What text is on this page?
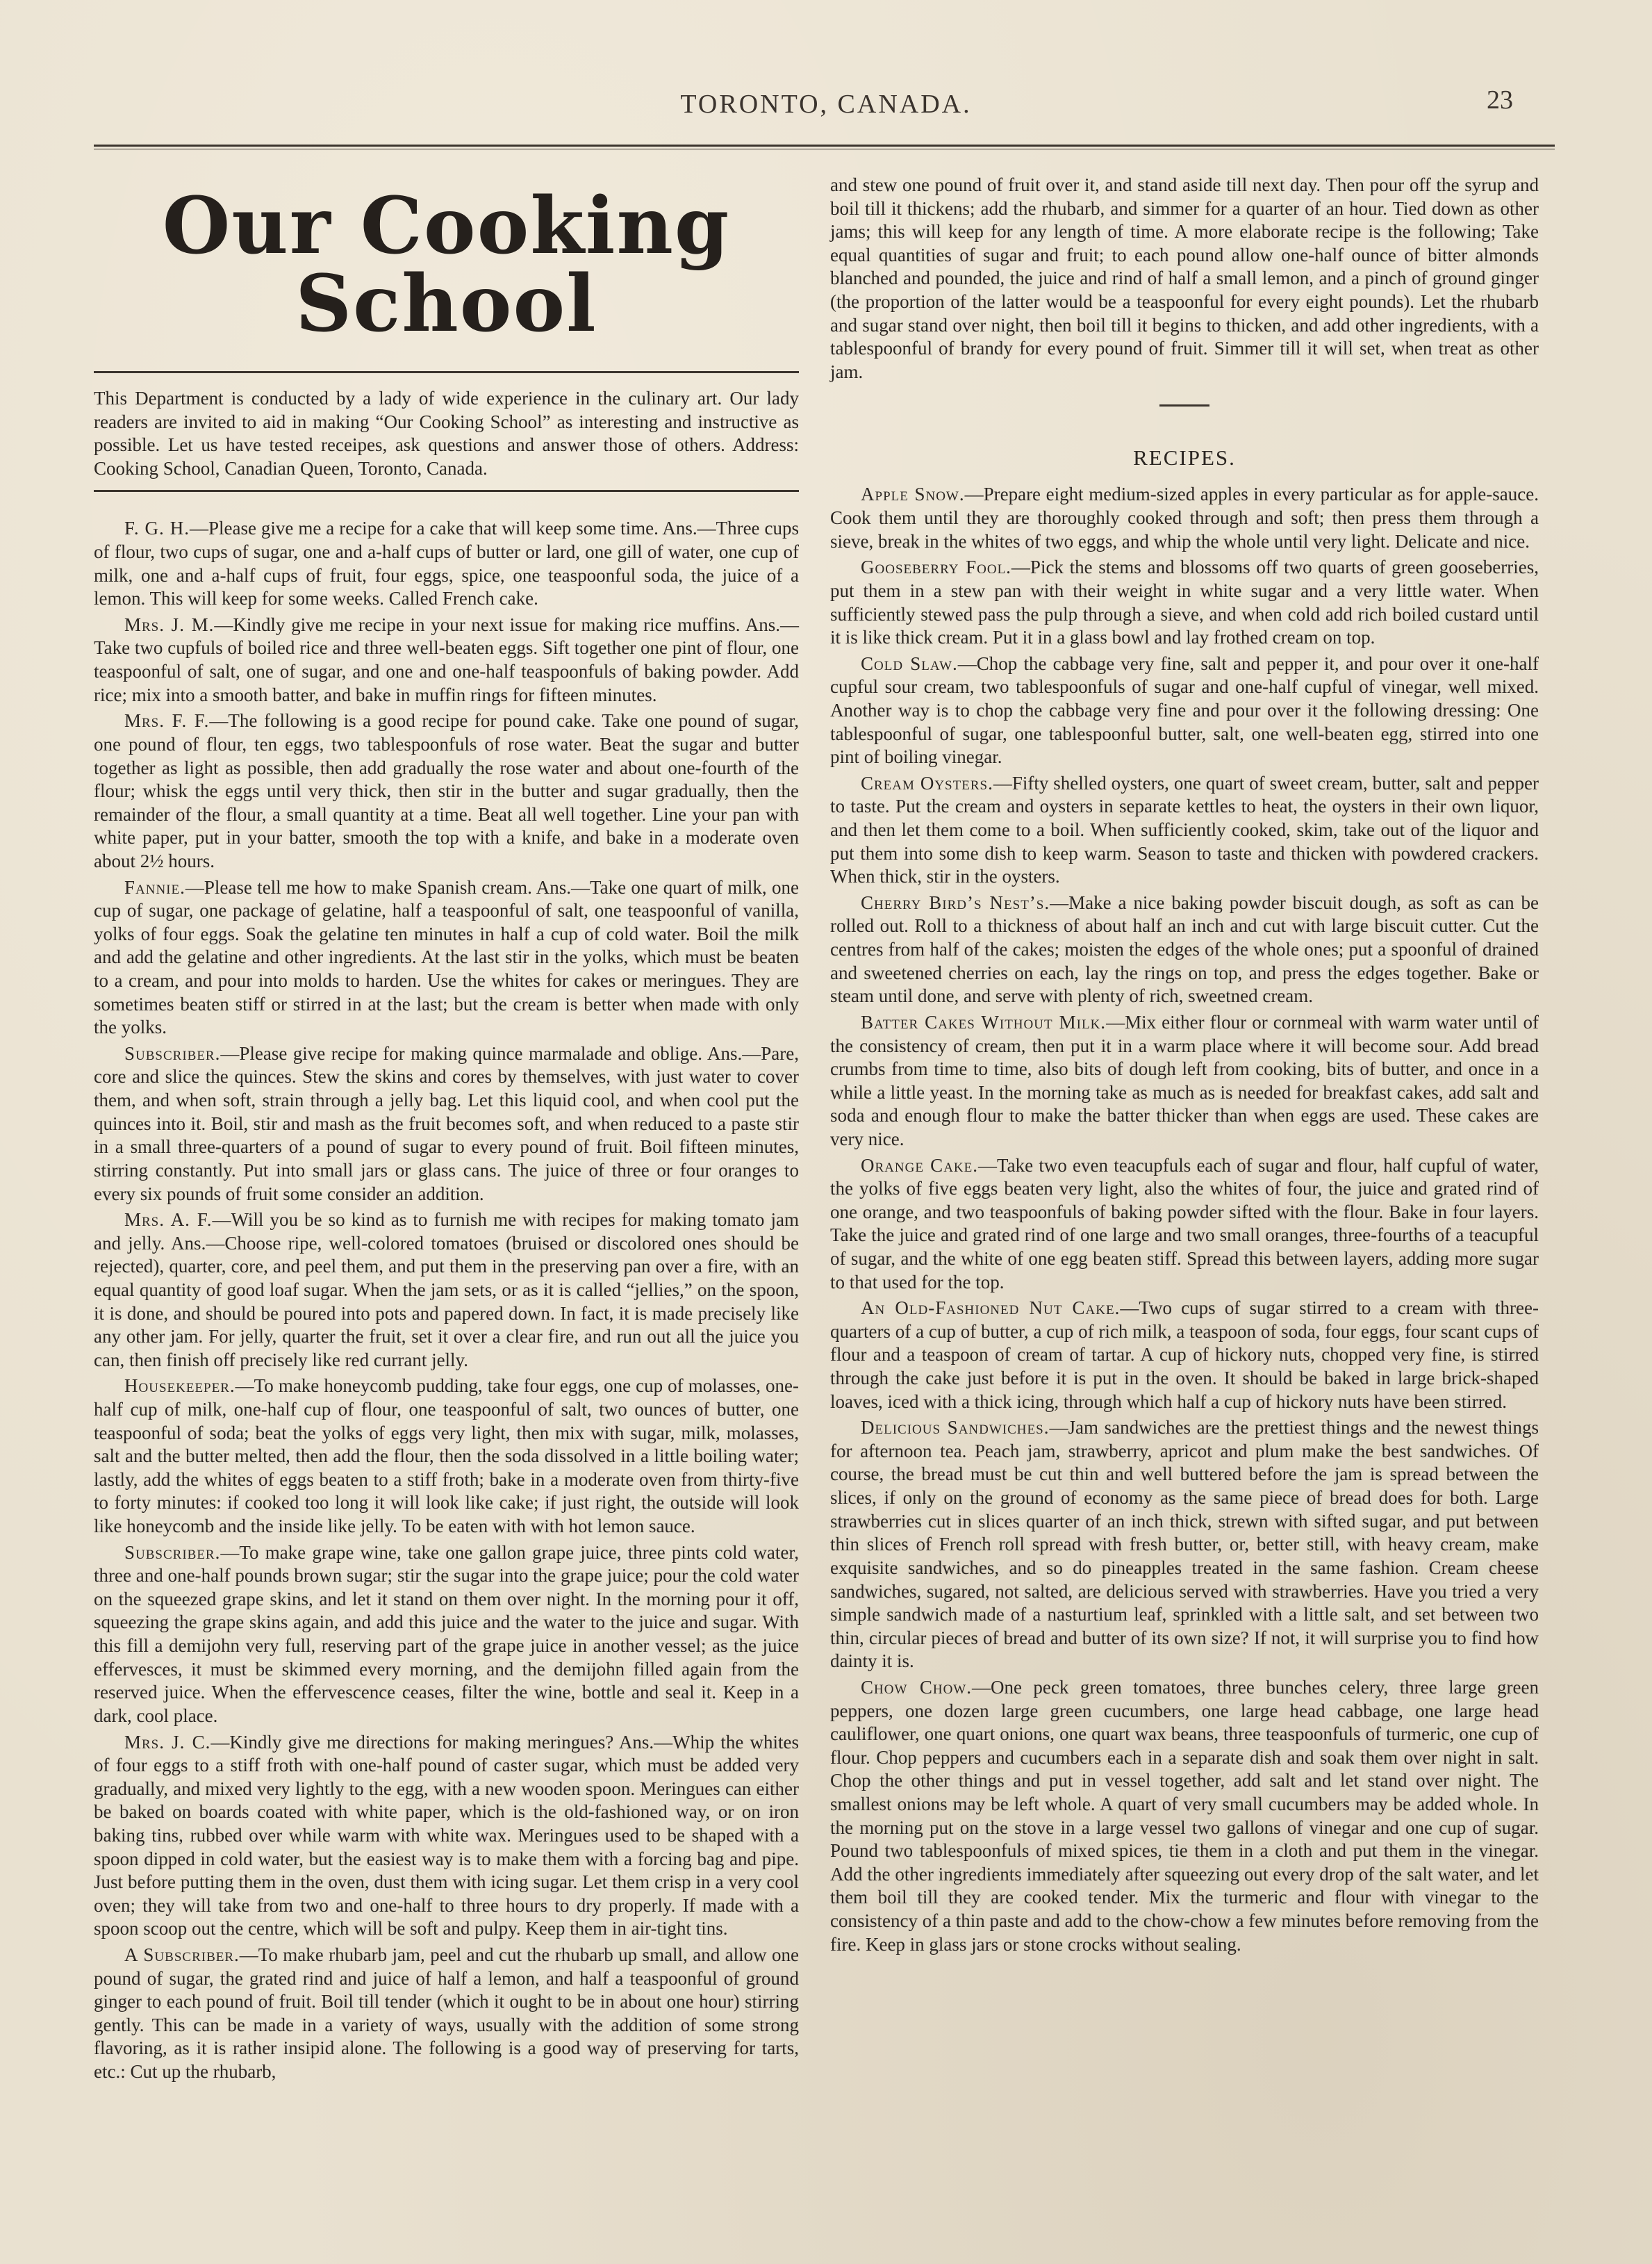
TORONTO, CANADA.	23
Our Cooking School
This Department is conducted by a lady of wide experience in the culinary art. Our lady readers are invited to aid in making “Our Cooking School” as interesting and instructive as possible. Let us have tested receipes, ask questions and answer those of others. Address: Cooking School, Canadian Queen, Toronto, Canada.
F. G. H.—Please give me a recipe for a cake that will keep some time. Ans.—Three cups of flour, two cups of sugar, one and a-half cups of butter or lard, one gill of water, one cup of milk, one and a-half cups of fruit, four eggs, spice, one teaspoonful soda, the juice of a lemon. This will keep for some weeks. Called French cake.
Mrs. J. M.—Kindly give me recipe in your next issue for making rice muffins. Ans.—Take two cupfuls of boiled rice and three well-beaten eggs. Sift together one pint of flour, one teaspoonful of salt, one of sugar, and one and one-half teaspoonfuls of baking powder. Add rice; mix into a smooth batter, and bake in muffin rings for fifteen minutes.
Mrs. F. F.—The following is a good recipe for pound cake. Take one pound of sugar, one pound of flour, ten eggs, two tablespoonfuls of rose water. Beat the sugar and butter together as light as possible, then add gradually the rose water and about one-fourth of the flour; whisk the eggs until very thick, then stir in the butter and sugar gradually, then the remainder of the flour, a small quantity at a time. Beat all well together. Line your pan with white paper, put in your batter, smooth the top with a knife, and bake in a moderate oven about 2½ hours.
Fannie.—Please tell me how to make Spanish cream. Ans.—Take one quart of milk, one cup of sugar, one package of gelatine, half a teaspoonful of salt, one teaspoonful of vanilla, yolks of four eggs. Soak the gelatine ten minutes in half a cup of cold water. Boil the milk and add the gelatine and other ingredients. At the last stir in the yolks, which must be beaten to a cream, and pour into molds to harden. Use the whites for cakes or meringues. They are sometimes beaten stiff or stirred in at the last; but the cream is better when made with only the yolks.
Subscriber.—Please give recipe for making quince marmalade and oblige. Ans.—Pare, core and slice the quinces. Stew the skins and cores by themselves, with just water to cover them, and when soft, strain through a jelly bag. Let this liquid cool, and when cool put the quinces into it. Boil, stir and mash as the fruit becomes soft, and when reduced to a paste stir in a small three-quarters of a pound of sugar to every pound of fruit. Boil fifteen minutes, stirring constantly. Put into small jars or glass cans. The juice of three or four oranges to every six pounds of fruit some consider an addition.
Mrs. A. F.—Will you be so kind as to furnish me with recipes for making tomato jam and jelly. Ans.—Choose ripe, well-colored tomatoes (bruised or discolored ones should be rejected), quarter, core, and peel them, and put them in the preserving pan over a fire, with an equal quantity of good loaf sugar. When the jam sets, or as it is called “jellies,” on the spoon, it is done, and should be poured into pots and papered down. In fact, it is made precisely like any other jam. For jelly, quarter the fruit, set it over a clear fire, and run out all the juice you can, then finish off precisely like red currant jelly.
Housekeeper.—To make honeycomb pudding, take four eggs, one cup of molasses, one-half cup of milk, one-half cup of flour, one teaspoonful of salt, two ounces of butter, one teaspoonful of soda; beat the yolks of eggs very light, then mix with sugar, milk, molasses, salt and the butter melted, then add the flour, then the soda dissolved in a little boiling water; lastly, add the whites of eggs beaten to a stiff froth; bake in a moderate oven from thirty-five to forty minutes: if cooked too long it will look like cake; if just right, the outside will look like honeycomb and the inside like jelly. To be eaten with with hot lemon sauce.
Subscriber.—To make grape wine, take one gallon grape juice, three pints cold water, three and one-half pounds brown sugar; stir the sugar into the grape juice; pour the cold water on the squeezed grape skins, and let it stand on them over night. In the morning pour it off, squeezing the grape skins again, and add this juice and the water to the juice and sugar. With this fill a demijohn very full, reserving part of the grape juice in another vessel; as the juice effervesces, it must be skimmed every morning, and the demijohn filled again from the reserved juice. When the effervescence ceases, filter the wine, bottle and seal it. Keep in a dark, cool place.
Mrs. J. C.—Kindly give me directions for making meringues? Ans.—Whip the whites of four eggs to a stiff froth with one-half pound of caster sugar, which must be added very gradually, and mixed very lightly to the egg, with a new wooden spoon. Meringues can either be baked on boards coated with white paper, which is the old-fashioned way, or on iron baking tins, rubbed over while warm with white wax. Meringues used to be shaped with a spoon dipped in cold water, but the easiest way is to make them with a forcing bag and pipe. Just before putting them in the oven, dust them with icing sugar. Let them crisp in a very cool oven; they will take from two and one-half to three hours to dry properly. If made with a spoon scoop out the centre, which will be soft and pulpy. Keep them in air-tight tins.
A Subscriber.—To make rhubarb jam, peel and cut the rhubarb up small, and allow one pound of sugar, the grated rind and juice of half a lemon, and half a teaspoonful of ground ginger to each pound of fruit. Boil till tender (which it ought to be in about one hour) stirring gently. This can be made in a variety of ways, usually with the addition of some strong flavoring, as it is rather insipid alone. The following is a good way of preserving for tarts, etc.: Cut up the rhubarb,
and stew one pound of fruit over it, and stand aside till next day. Then pour off the syrup and boil till it thickens; add the rhubarb, and simmer for a quarter of an hour. Tied down as other jams; this will keep for any length of time. A more elaborate recipe is the following; Take equal quantities of sugar and fruit; to each pound allow one-half ounce of bitter almonds blanched and pounded, the juice and rind of half a small lemon, and a pinch of ground ginger (the proportion of the latter would be a teaspoonful for every eight pounds). Let the rhubarb and sugar stand over night, then boil till it begins to thicken, and add other ingredients, with a tablespoonful of brandy for every pound of fruit. Simmer till it will set, when treat as other jam.
RECIPES.
Apple Snow.—Prepare eight medium-sized apples in every particular as for apple-sauce. Cook them until they are thoroughly cooked through and soft; then press them through a sieve, break in the whites of two eggs, and whip the whole until very light. Delicate and nice.
Gooseberry Fool.—Pick the stems and blossoms off two quarts of green gooseberries, put them in a stew pan with their weight in white sugar and a very little water. When sufficiently stewed pass the pulp through a sieve, and when cold add rich boiled custard until it is like thick cream. Put it in a glass bowl and lay frothed cream on top.
Cold Slaw.—Chop the cabbage very fine, salt and pepper it, and pour over it one-half cupful sour cream, two tablespoonfuls of sugar and one-half cupful of vinegar, well mixed. Another way is to chop the cabbage very fine and pour over it the following dressing: One tablespoonful of sugar, one tablespoonful butter, salt, one well-beaten egg, stirred into one pint of boiling vinegar.
Cream Oysters.—Fifty shelled oysters, one quart of sweet cream, butter, salt and pepper to taste. Put the cream and oysters in separate kettles to heat, the oysters in their own liquor, and then let them come to a boil. When sufficiently cooked, skim, take out of the liquor and put them into some dish to keep warm. Season to taste and thicken with powdered crackers. When thick, stir in the oysters.
Cherry Bird’s Nest’s.—Make a nice baking powder biscuit dough, as soft as can be rolled out. Roll to a thickness of about half an inch and cut with large biscuit cutter. Cut the centres from half of the cakes; moisten the edges of the whole ones; put a spoonful of drained and sweetened cherries on each, lay the rings on top, and press the edges together. Bake or steam until done, and serve with plenty of rich, sweetned cream.
Batter Cakes Without Milk.—Mix either flour or cornmeal with warm water until of the consistency of cream, then put it in a warm place where it will become sour. Add bread crumbs from time to time, also bits of dough left from cooking, bits of butter, and once in a while a little yeast. In the morning take as much as is needed for breakfast cakes, add salt and soda and enough flour to make the batter thicker than when eggs are used. These cakes are very nice.
Orange Cake.—Take two even teacupfuls each of sugar and flour, half cupful of water, the yolks of five eggs beaten very light, also the whites of four, the juice and grated rind of one orange, and two teaspoonfuls of baking powder sifted with the flour. Bake in four layers. Take the juice and grated rind of one large and two small oranges, three-fourths of a teacupful of sugar, and the white of one egg beaten stiff. Spread this between layers, adding more sugar to that used for the top.
An Old-Fashioned Nut Cake.—Two cups of sugar stirred to a cream with three-quarters of a cup of butter, a cup of rich milk, a teaspoon of soda, four eggs, four scant cups of flour and a teaspoon of cream of tartar. A cup of hickory nuts, chopped very fine, is stirred through the cake just before it is put in the oven. It should be baked in large brick-shaped loaves, iced with a thick icing, through which half a cup of hickory nuts have been stirred.
Delicious Sandwiches.—Jam sandwiches are the prettiest things and the newest things for afternoon tea. Peach jam, strawberry, apricot and plum make the best sandwiches. Of course, the bread must be cut thin and well buttered before the jam is spread between the slices, if only on the ground of economy as the same piece of bread does for both. Large strawberries cut in slices quarter of an inch thick, strewn with sifted sugar, and put between thin slices of French roll spread with fresh butter, or, better still, with heavy cream, make exquisite sandwiches, and so do pineapples treated in the same fashion. Cream cheese sandwiches, sugared, not salted, are delicious served with strawberries. Have you tried a very simple sandwich made of a nasturtium leaf, sprinkled with a little salt, and set between two thin, circular pieces of bread and butter of its own size? If not, it will surprise you to find how dainty it is.
Chow Chow.—One peck green tomatoes, three bunches celery, three large green peppers, one dozen large green cucumbers, one large head cabbage, one large head cauliflower, one quart onions, one quart wax beans, three teaspoonfuls of turmeric, one cup of flour. Chop peppers and cucumbers each in a separate dish and soak them over night in salt. Chop the other things and put in vessel together, add salt and let stand over night. The smallest onions may be left whole. A quart of very small cucumbers may be added whole. In the morning put on the stove in a large vessel two gallons of vinegar and one cup of sugar. Pound two tablespoonfuls of mixed spices, tie them in a cloth and put them in the vinegar. Add the other ingredients immediately after squeezing out every drop of the salt water, and let them boil till they are cooked tender. Mix the turmeric and flour with vinegar to the consistency of a thin paste and add to the chow-chow a few minutes before removing from the fire. Keep in glass jars or stone crocks without sealing.
